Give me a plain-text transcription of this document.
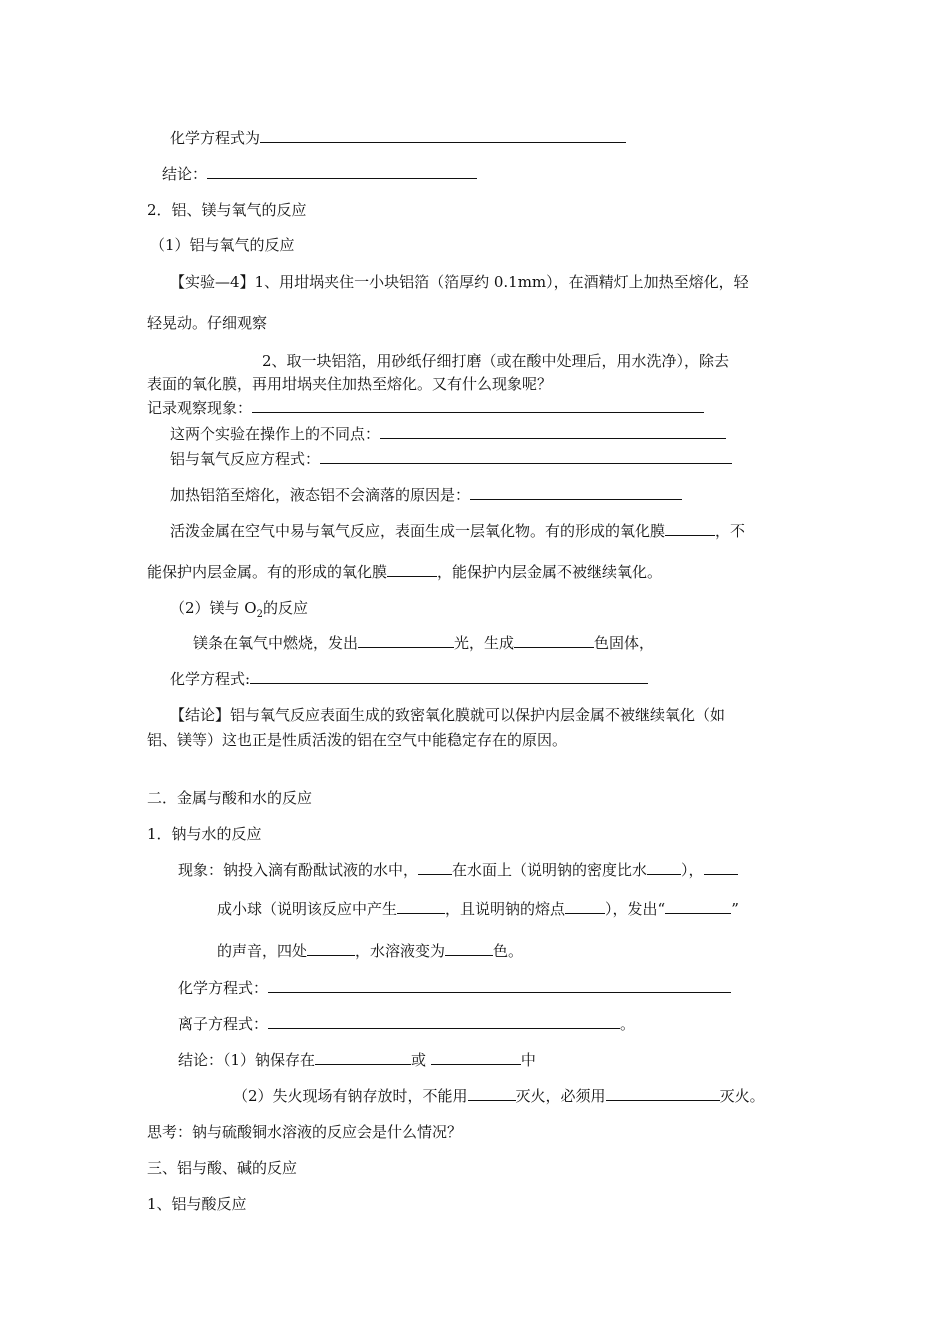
化学方程式为
结论：
2．铝、镁与氧气的反应
（1）铝与氧气的反应
【实验—4】1、用坩埚夹住一小块铝箔（箔厚约 0.1mm），在酒精灯上加热至熔化，轻
轻晃动。仔细观察
2、取一块铝箔，用砂纸仔细打磨（或在酸中处理后，用水洗净），除去
表面的氧化膜，再用坩埚夹住加热至熔化。又有什么现象呢？
记录观察现象：
这两个实验在操作上的不同点：
铝与氧气反应方程式：
加热铝箔至熔化，液态铝不会滴落的原因是：
活泼金属在空气中易与氧气反应，表面生成一层氧化物。有的形成的氧化膜	，不
能保护内层金属。有的形成的氧化膜	，能保护内层金属不被继续氧化。
（2）镁与 $O_2$的反应
镁条在氧气中燃烧，发出	光，生成	色固体，
化学方程式:
【结论】铝与氧气反应表面生成的致密氧化膜就可以保护内层金属不被继续氧化（如
铝、镁等）这也正是性质活泼的铝在空气中能稳定存在的原因。
二．金属与酸和水的反应
1．钠与水的反应
现象：钠投入滴有酚酞试液的水中， 在水面上（说明钠的密度比水 ），
成小球（说明该反应中产生	，且说明钠的熔点	），发出“	”
的声音，四处	，水溶液变为	色。
化学方程式：
离子方程式：	。
结论：（1）钠保存在	或	中
（2）失火现场有钠存放时，不能用	灭火，必须用	灭火。
思考：钠与硫酸铜水溶液的反应会是什么情况？
三、铝与酸、碱的反应
1、铝与酸反应
